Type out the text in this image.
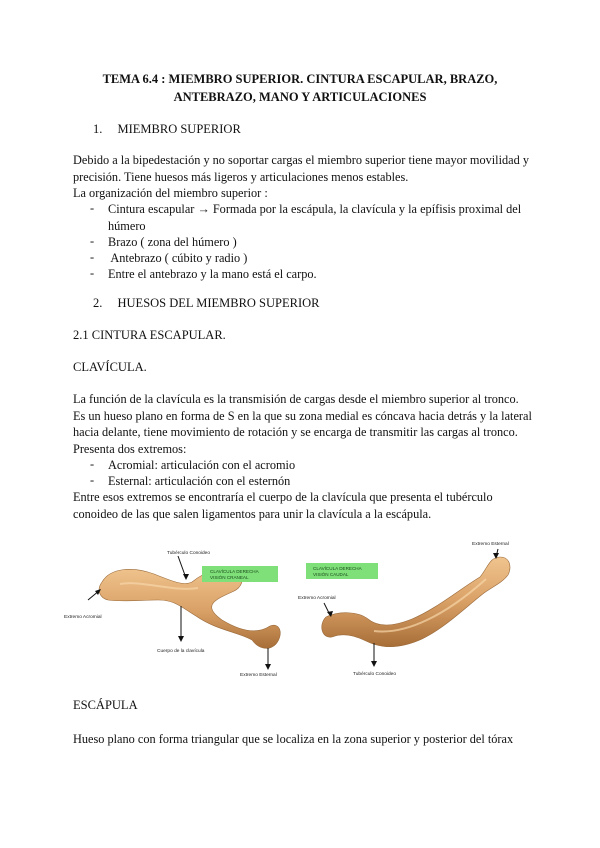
TEMA 6.4 : MIEMBRO SUPERIOR. CINTURA ESCAPULAR, BRAZO,
ANTEBRAZO, MANO Y ARTICULACIONES
1. MIEMBRO SUPERIOR
Debido a la bipedestación y no soportar cargas el miembro superior tiene mayor movilidad y
precisión. Tiene huesos más ligeros y articulaciones menos estables.
La organización del miembro superior :
- Cintura escapular → Formada por la escápula, la clavícula y la epífisis proximal del
húmero
- Brazo ( zona del húmero )
- Antebrazo ( cúbito y radio )
- Entre el antebrazo y la mano está el carpo.
2. HUESOS DEL MIEMBRO SUPERIOR
2.1 CINTURA ESCAPULAR.
CLAVÍCULA.
La función de la clavícula es la transmisión de cargas desde el miembro superior al tronco.
Es un hueso plano en forma de S en la que su zona medial es cóncava hacia detrás y la lateral
hacia delante, tiene movimiento de rotación y se encarga de transmitir las cargas al tronco.
Presenta dos extremos:
- Acromial: articulación con el acromio
- Esternal: articulación con el esternón
Entre esos extremos se encontraría el cuerpo de la clavícula que presenta el tubérculo
conoideo de las que salen ligamentos para unir la clavícula a la escápula.
Tubérculo Conoideo
Extremo Acromial
Cuerpo de la clavícula
Extremo Esternal
CLAVÍCULA DERECHA
VISIÓN CRANEAL
Extremo Esternal
Extremo Acromial
Tubérculo Conoideo
CLAVÍCULA DERECHA
VISIÓN CAUDAL
ESCÁPULA
Hueso plano con forma triangular que se localiza en la zona superior y posterior del tórax
